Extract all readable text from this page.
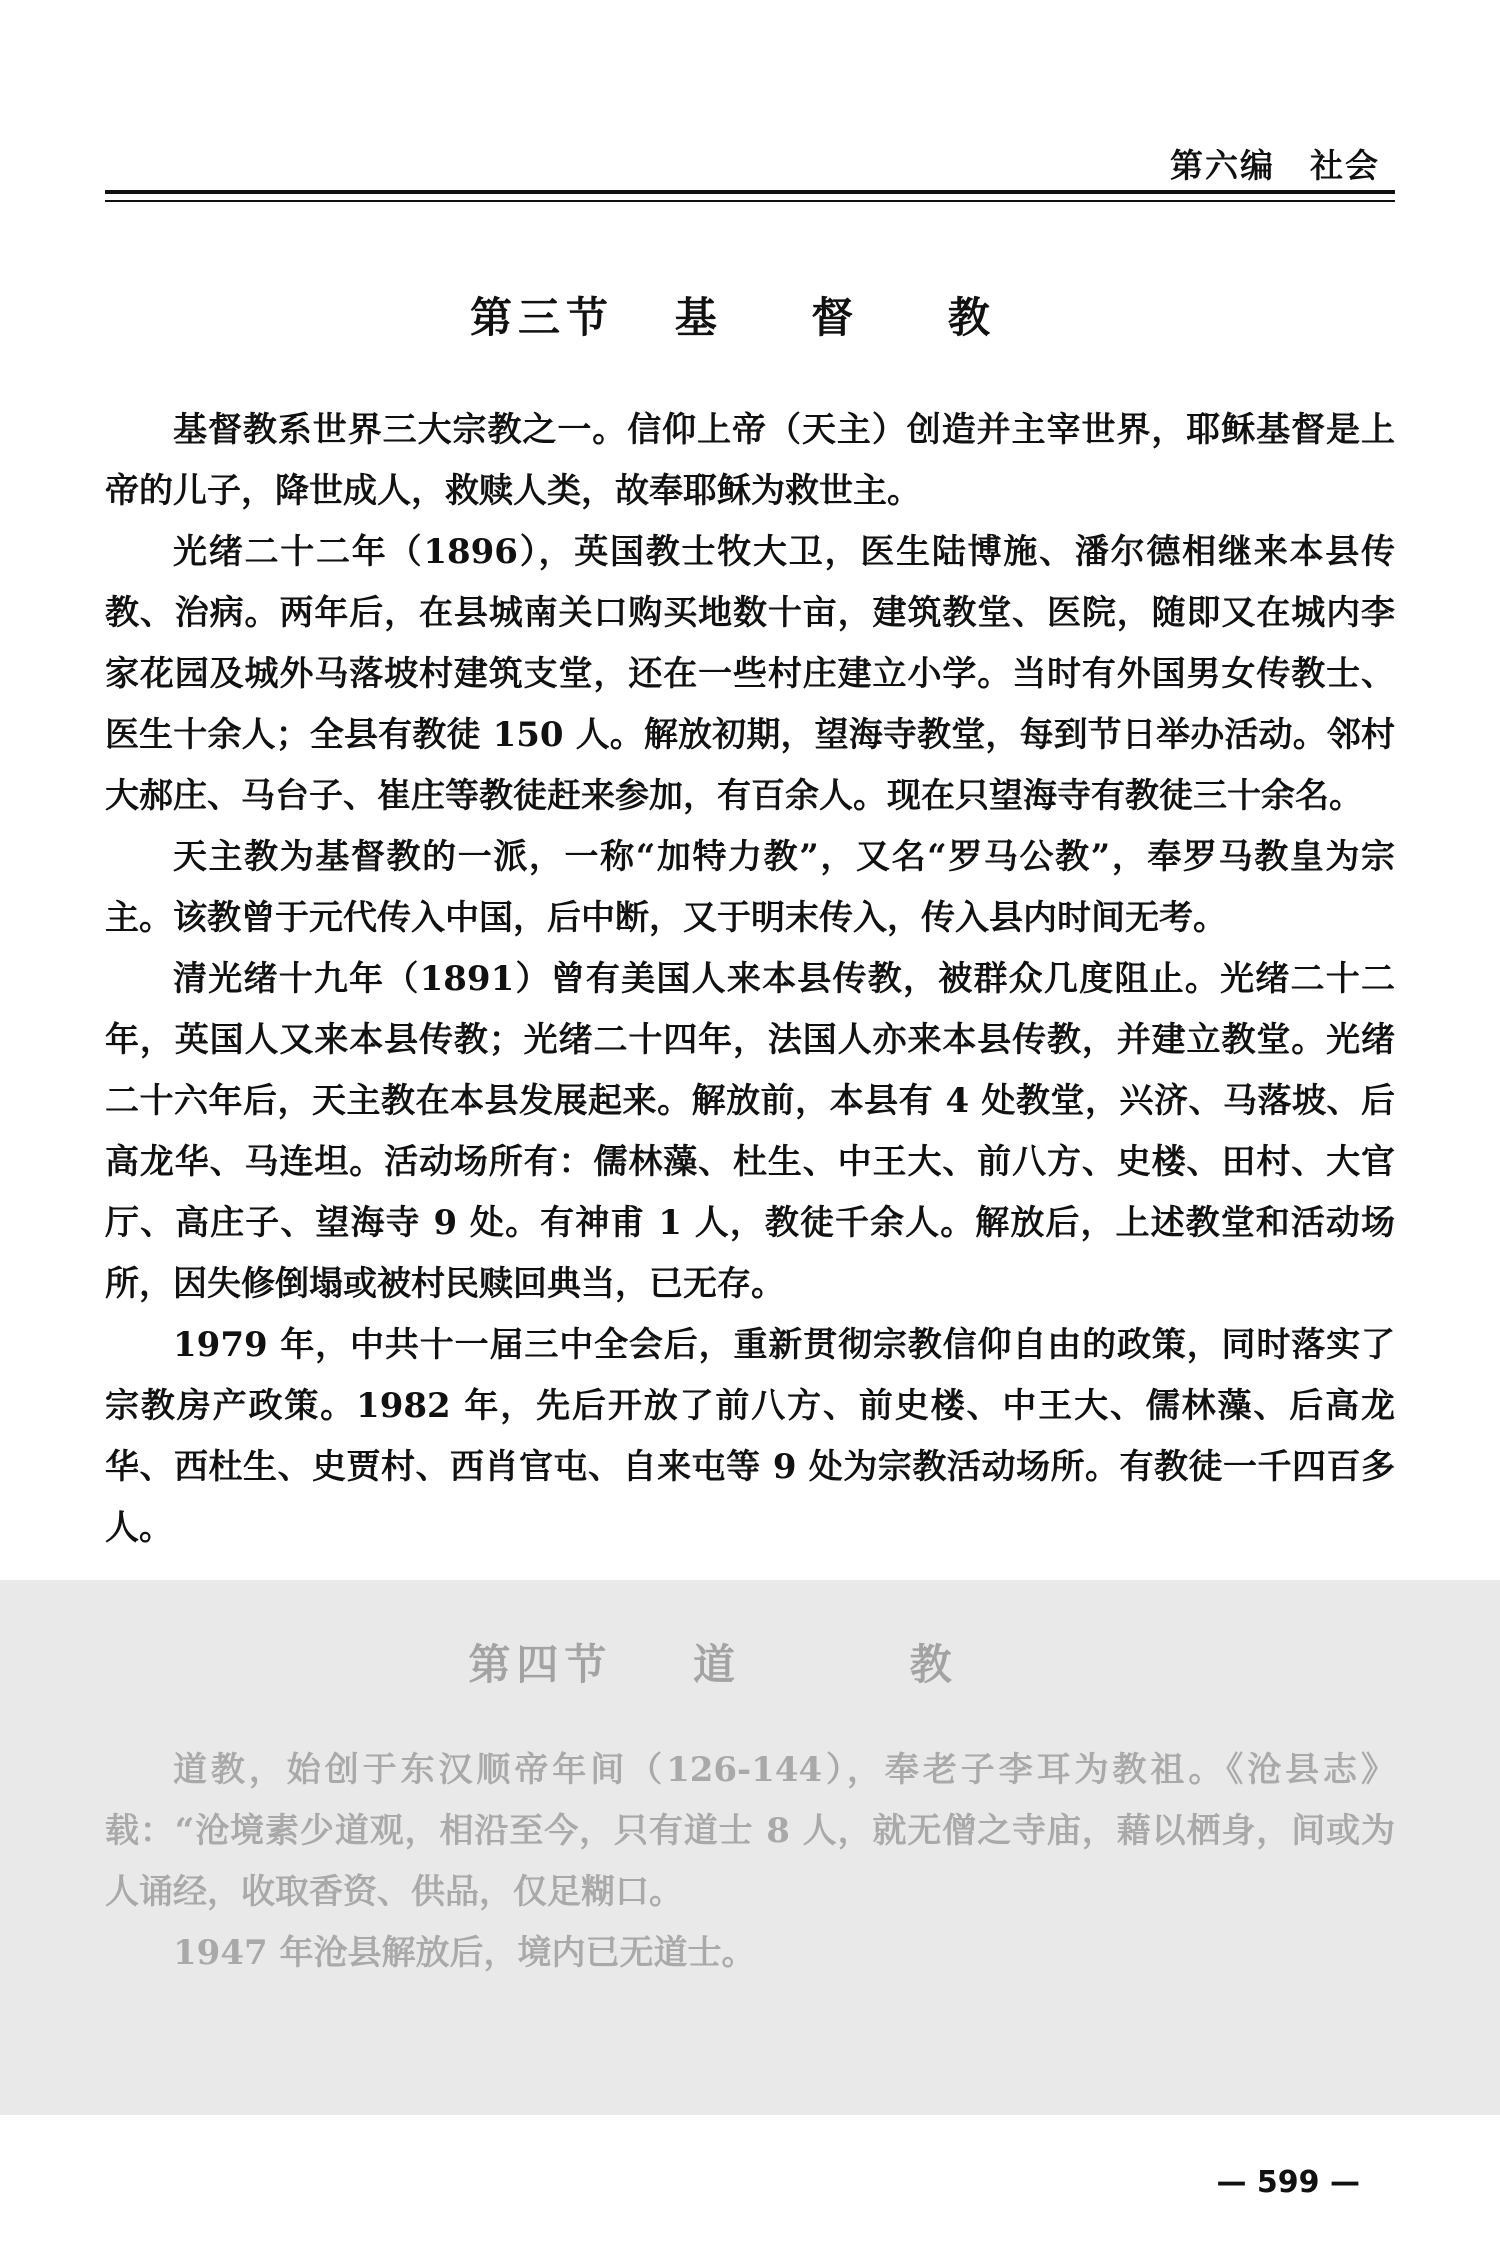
第六编　社会
第三节 基 督 教

基督教系世界三大宗教之一。信仰上帝（天主）创造并主宰世界，耶稣基督是上帝的儿子，降世成人，救赎人类，故奉耶稣为救世主。

光绪二十二年（1896），英国教士牧大卫，医生陆博施、潘尔德相继来本县传教、治病。两年后，在县城南关口购买地数十亩，建筑教堂、医院，随即又在城内李家花园及城外马落坡村建筑支堂，还在一些村庄建立小学。当时有外国男女传教士、医生十余人；全县有教徒 150 人。解放初期，望海寺教堂，每到节日举办活动。邻村大郝庄、马台子、崔庄等教徒赶来参加，有百余人。现在只望海寺有教徒三十余名。

天主教为基督教的一派，一称“加特力教”，又名“罗马公教”，奉罗马教皇为宗主。该教曾于元代传入中国，后中断，又于明末传入，传入县内时间无考。

清光绪十九年（1891）曾有美国人来本县传教，被群众几度阻止。光绪二十二年，英国人又来本县传教；光绪二十四年，法国人亦来本县传教，并建立教堂。光绪二十六年后，天主教在本县发展起来。解放前，本县有 4 处教堂，兴济、马落坡、后高龙华、马连坦。活动场所有：儒林藻、杜生、中王大、前八方、史楼、田村、大官厅、高庄子、望海寺 9 处。有神甫 1 人，教徒千余人。解放后，上述教堂和活动场所，因失修倒塌或被村民赎回典当，已无存。

1979 年，中共十一届三中全会后，重新贯彻宗教信仰自由的政策，同时落实了宗教房产政策。1982 年，先后开放了前八方、前史楼、中王大、儒林藻、后高龙华、西杜生、史贾村、西肖官屯、自来屯等 9 处为宗教活动场所。有教徒一千四百多人。

第四节 道 教

道教，始创于东汉顺帝年间（126-144），奉老子李耳为教祖。《沧县志》载：“沧境素少道观，相沿至今，只有道士 8 人，就无僧之寺庙，藉以栖身，间或为人诵经，收取香资、供品，仅足糊口。

1947 年沧县解放后，境内已无道士。

— 599 —
